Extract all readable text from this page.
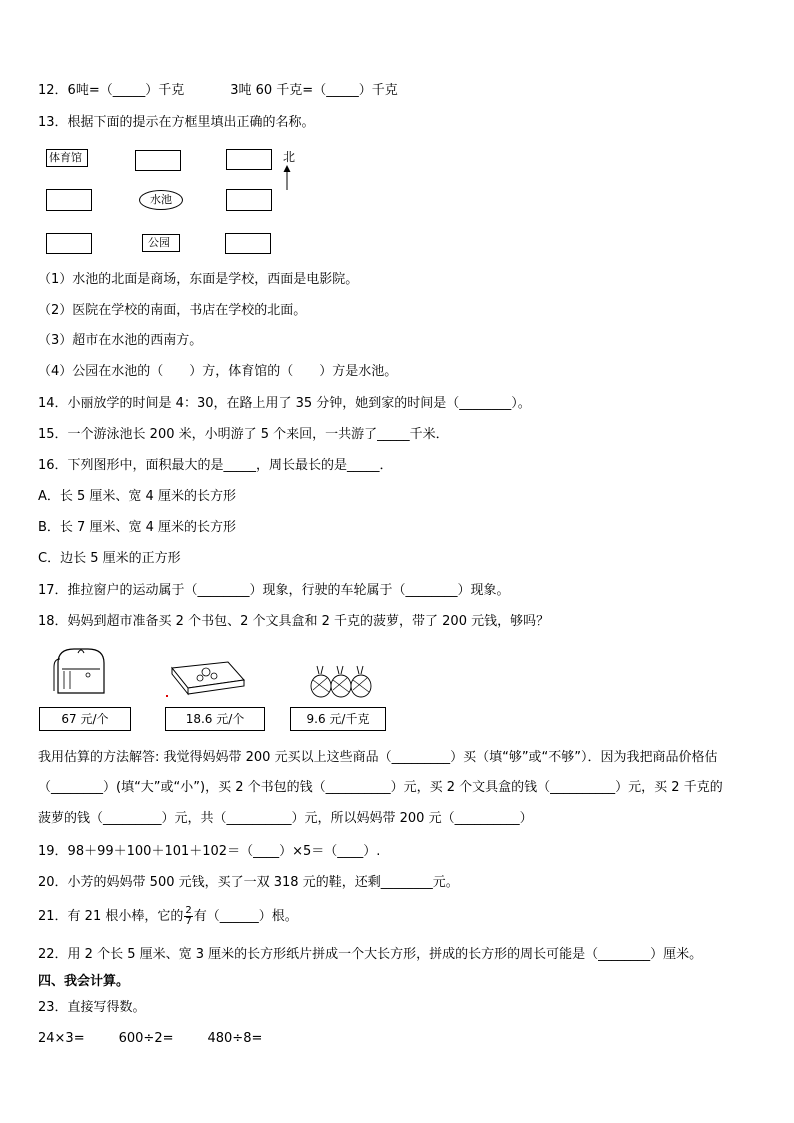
12．6吨=（_____）千克	3吨 60 千克=（_____）千克
13．根据下面的提示在方框里填出正确的名称。
体育馆	北
水池
公园
（1）水池的北面是商场，东面是学校，西面是电影院。
（2）医院在学校的南面，书店在学校的北面。
（3）超市在水池的西南方。
（4）公园在水池的（　　）方，体育馆的（　　）方是水池。
14．小丽放学的时间是 4：30，在路上用了 35 分钟，她到家的时间是（________）。
15．一个游泳池长 200 米，小明游了 5 个来回，一共游了_____千米．
16．下列图形中，面积最大的是_____，周长最长的是_____．
A．长 5 厘米、宽 4 厘米的长方形
B．长 7 厘米、宽 4 厘米的长方形
C．边长 5 厘米的正方形
17．推拉窗户的运动属于（________）现象，行驶的车轮属于（________）现象。
18．妈妈到超市准备买 2 个书包、2 个文具盒和 2 千克的菠萝，带了 200 元钱，够吗？
67 元/个	18.6 元/个	9.6 元/千克
我用估算的方法解答: 我觉得妈妈带 200 元买以上这些商品（_________）买（填“够”或“不够”）．因为我把商品价格估
（________）(填“大”或“小”)，买 2 个书包的钱（__________）元，买 2 个文具盒的钱（__________）元，买 2 千克的
菠萝的钱（_________）元，共（__________）元，所以妈妈带 200 元（__________）
19．98＋99＋100＋101＋102＝（____）×5＝（____）.
20．小芳的妈妈带 500 元钱，买了一双 318 元的鞋，还剩________元。
21．有 21 根小棒，它的 $\frac{2}{7}$ 有（______）根。
22．用 2 个长 5 厘米、宽 3 厘米的长方形纸片拼成一个大长方形，拼成的长方形的周长可能是（________）厘米。
四、我会计算。
23．直接写得数。
24×3=	600÷2=	480÷8=
